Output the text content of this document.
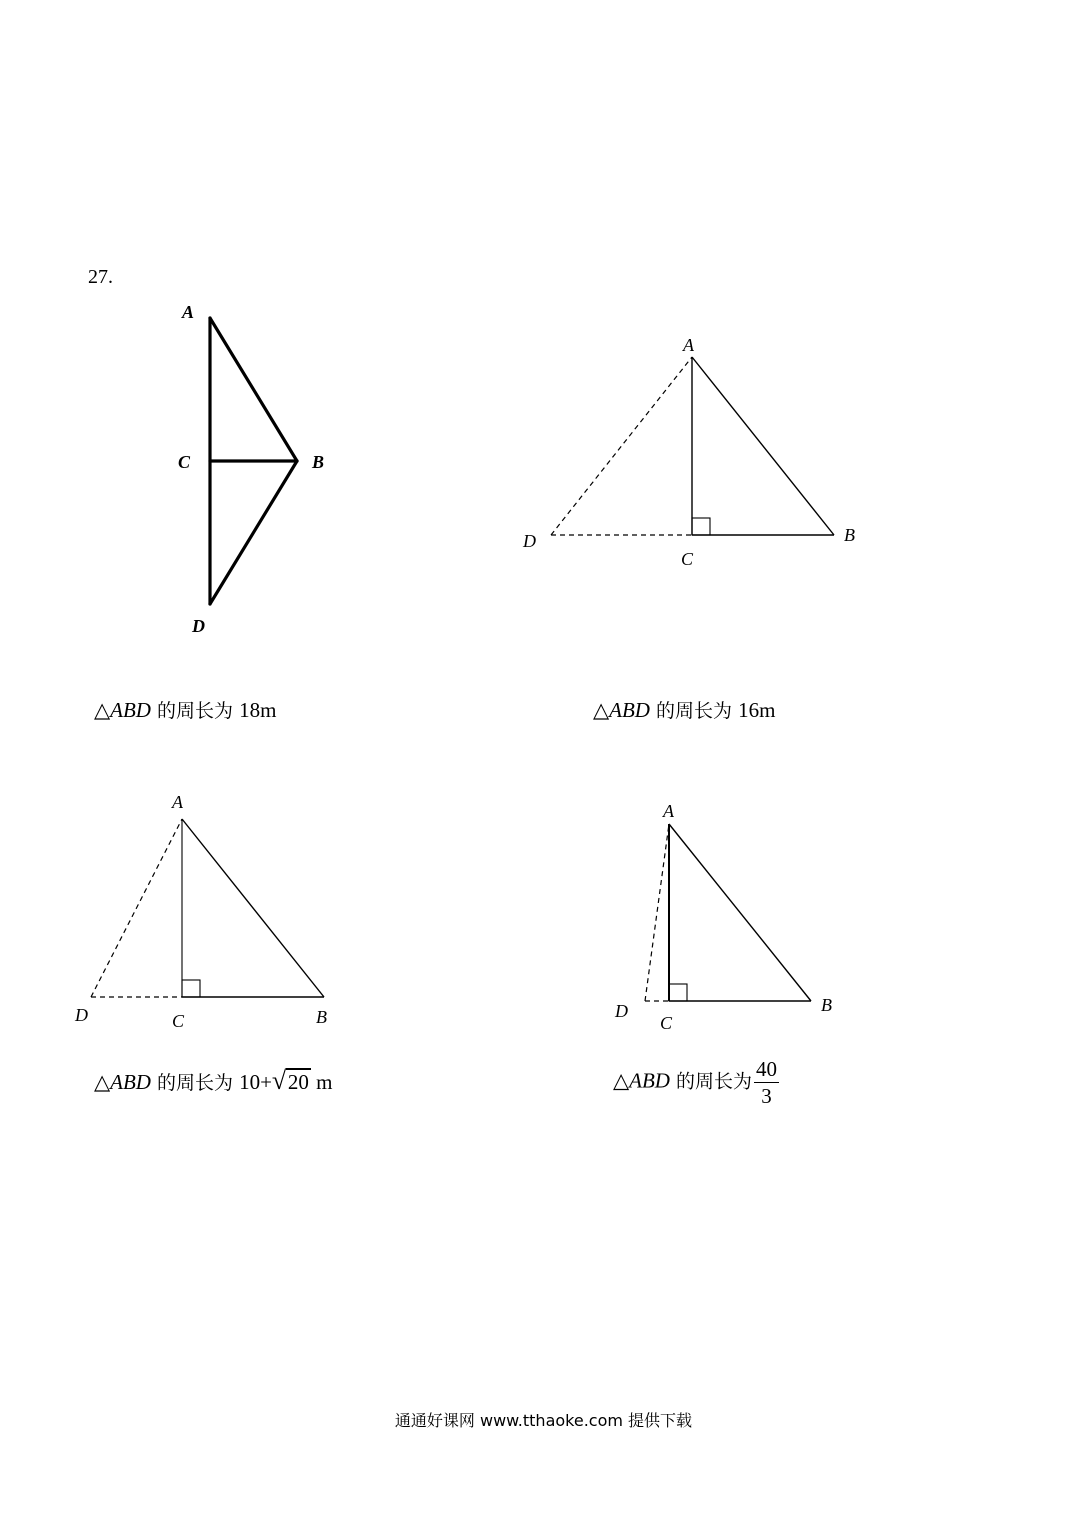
27.
A
C	B
D
A
B
C
D
A
B
C
D
A
B
C
D
△ABD 的周长为 18m	△ABD 的周长为 16m
△ABD 的周长为 10+ √ 20 m	△ABD 的周长为 $\frac{40}{3}$
通通好课网 www.tthaoke.com 提供下载
